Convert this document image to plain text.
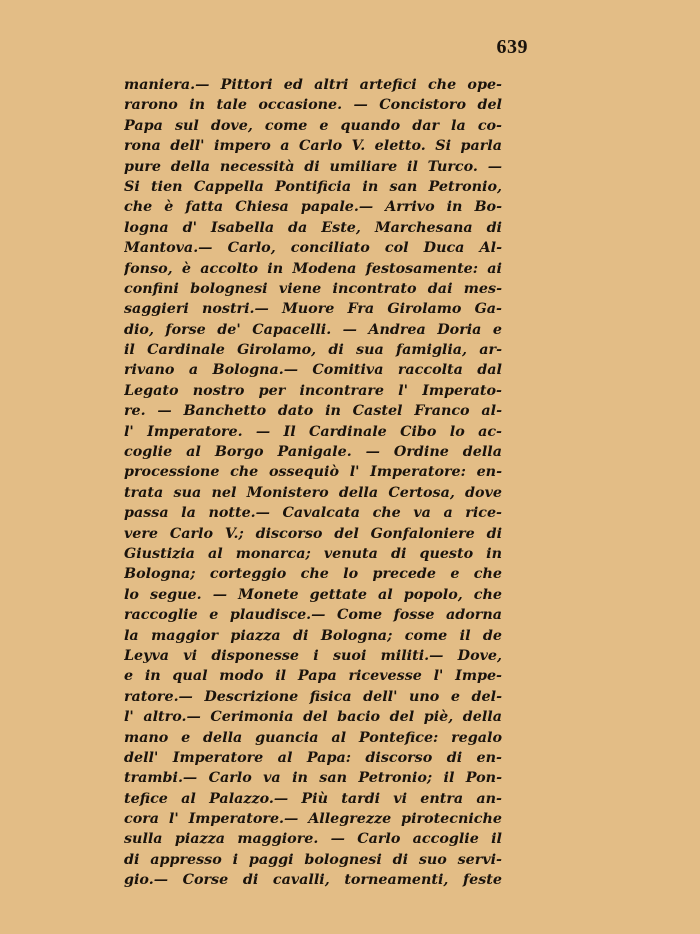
639
maniera.— Pittori ed altri artefici che ope-
rarono in tale occasione. — Concistoro del
Papa sul dove, come e quando dar la co-
rona dell' impero a Carlo V. eletto. Si parla
pure della necessità di umiliare il Turco. —
Si tien Cappella Pontificia in san Petronio,
che è fatta Chiesa papale.— Arrivo in Bo-
logna d' Isabella da Este, Marchesana di
Mantova.— Carlo, conciliato col Duca Al-
fonso, è accolto in Modena festosamente: ai
confini bolognesi viene incontrato dai mes-
saggieri nostri.— Muore Fra Girolamo Ga-
dio, forse de' Capacelli. — Andrea Doria e
il Cardinale Girolamo, di sua famiglia, ar-
rivano a Bologna.— Comitiva raccolta dal
Legato nostro per incontrare l' Imperato-
re. — Banchetto dato in Castel Franco al-
l' Imperatore. — Il Cardinale Cibo lo ac-
coglie al Borgo Panigale. — Ordine della
processione che ossequiò l' Imperatore: en-
trata sua nel Monistero della Certosa, dove
passa la notte.— Cavalcata che va a rice-
vere Carlo V.; discorso del Gonfaloniere di
Giustizia al monarca; venuta di questo in
Bologna; corteggio che lo precede e che
lo segue. — Monete gettate al popolo, che
raccoglie e plaudisce.— Come fosse adorna
la maggior piazza di Bologna; come il de
Leyva vi disponesse i suoi militi.— Dove,
e in qual modo il Papa ricevesse l' Impe-
ratore.— Descrizione fisica dell' uno e del-
l' altro.— Cerimonia del bacio del piè, della
mano e della guancia al Pontefice: regalo
dell' Imperatore al Papa: discorso di en-
trambi.— Carlo va in san Petronio; il Pon-
tefice al Palazzo.— Più tardi vi entra an-
cora l' Imperatore.— Allegrezze pirotecniche
sulla piazza maggiore. — Carlo accoglie il
di appresso i paggi bolognesi di suo servi-
gio.— Corse di cavalli, torneamenti, feste
